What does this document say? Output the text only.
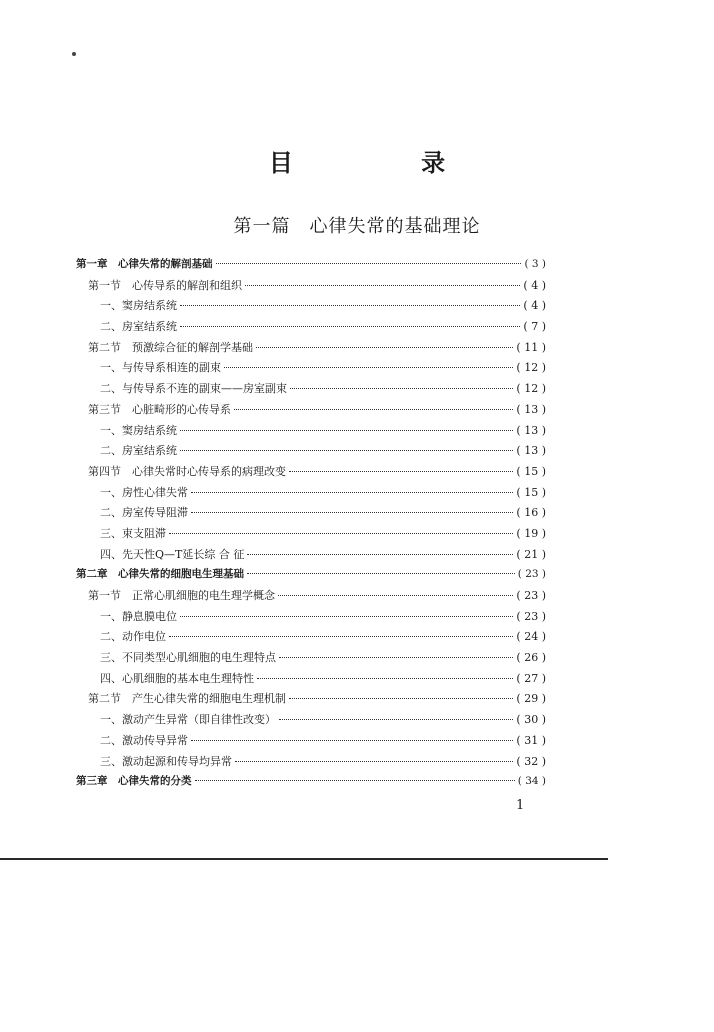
目 录
第一篇　心律失常的基础理论
第一章　心律失常的解剖基础	( 3 )
第一节　心传导系的解剖和组织	( 4 )
一、窦房结系统	( 4 )
二、房室结系统	( 7 )
第二节　预激综合征的解剖学基础	( 11 )
一、与传导系相连的副束	( 12 )
二、与传导系不连的副束——房室副束	( 12 )
第三节　心脏畸形的心传导系	( 13 )
一、窦房结系统	( 13 )
二、房室结系统	( 13 )
第四节　心律失常时心传导系的病理改变	( 15 )
一、房性心律失常	( 15 )
二、房室传导阻滞	( 16 )
三、束支阻滞	( 19 )
四、先天性Q—T延长综 合 征	( 21 )
第二章　心律失常的细胞电生理基础	( 23 )
第一节　正常心肌细胞的电生理学概念	( 23 )
一、静息膜电位	( 23 )
二、动作电位	( 24 )
三、不同类型心肌细胞的电生理特点	( 26 )
四、心肌细胞的基本电生理特性	( 27 )
第二节　产生心律失常的细胞电生理机制	( 29 )
一、激动产生异常（即自律性改变）	( 30 )
二、激动传导异常	( 31 )
三、激动起源和传导均异常	( 32 )
第三章　心律失常的分类	( 34 )
1
